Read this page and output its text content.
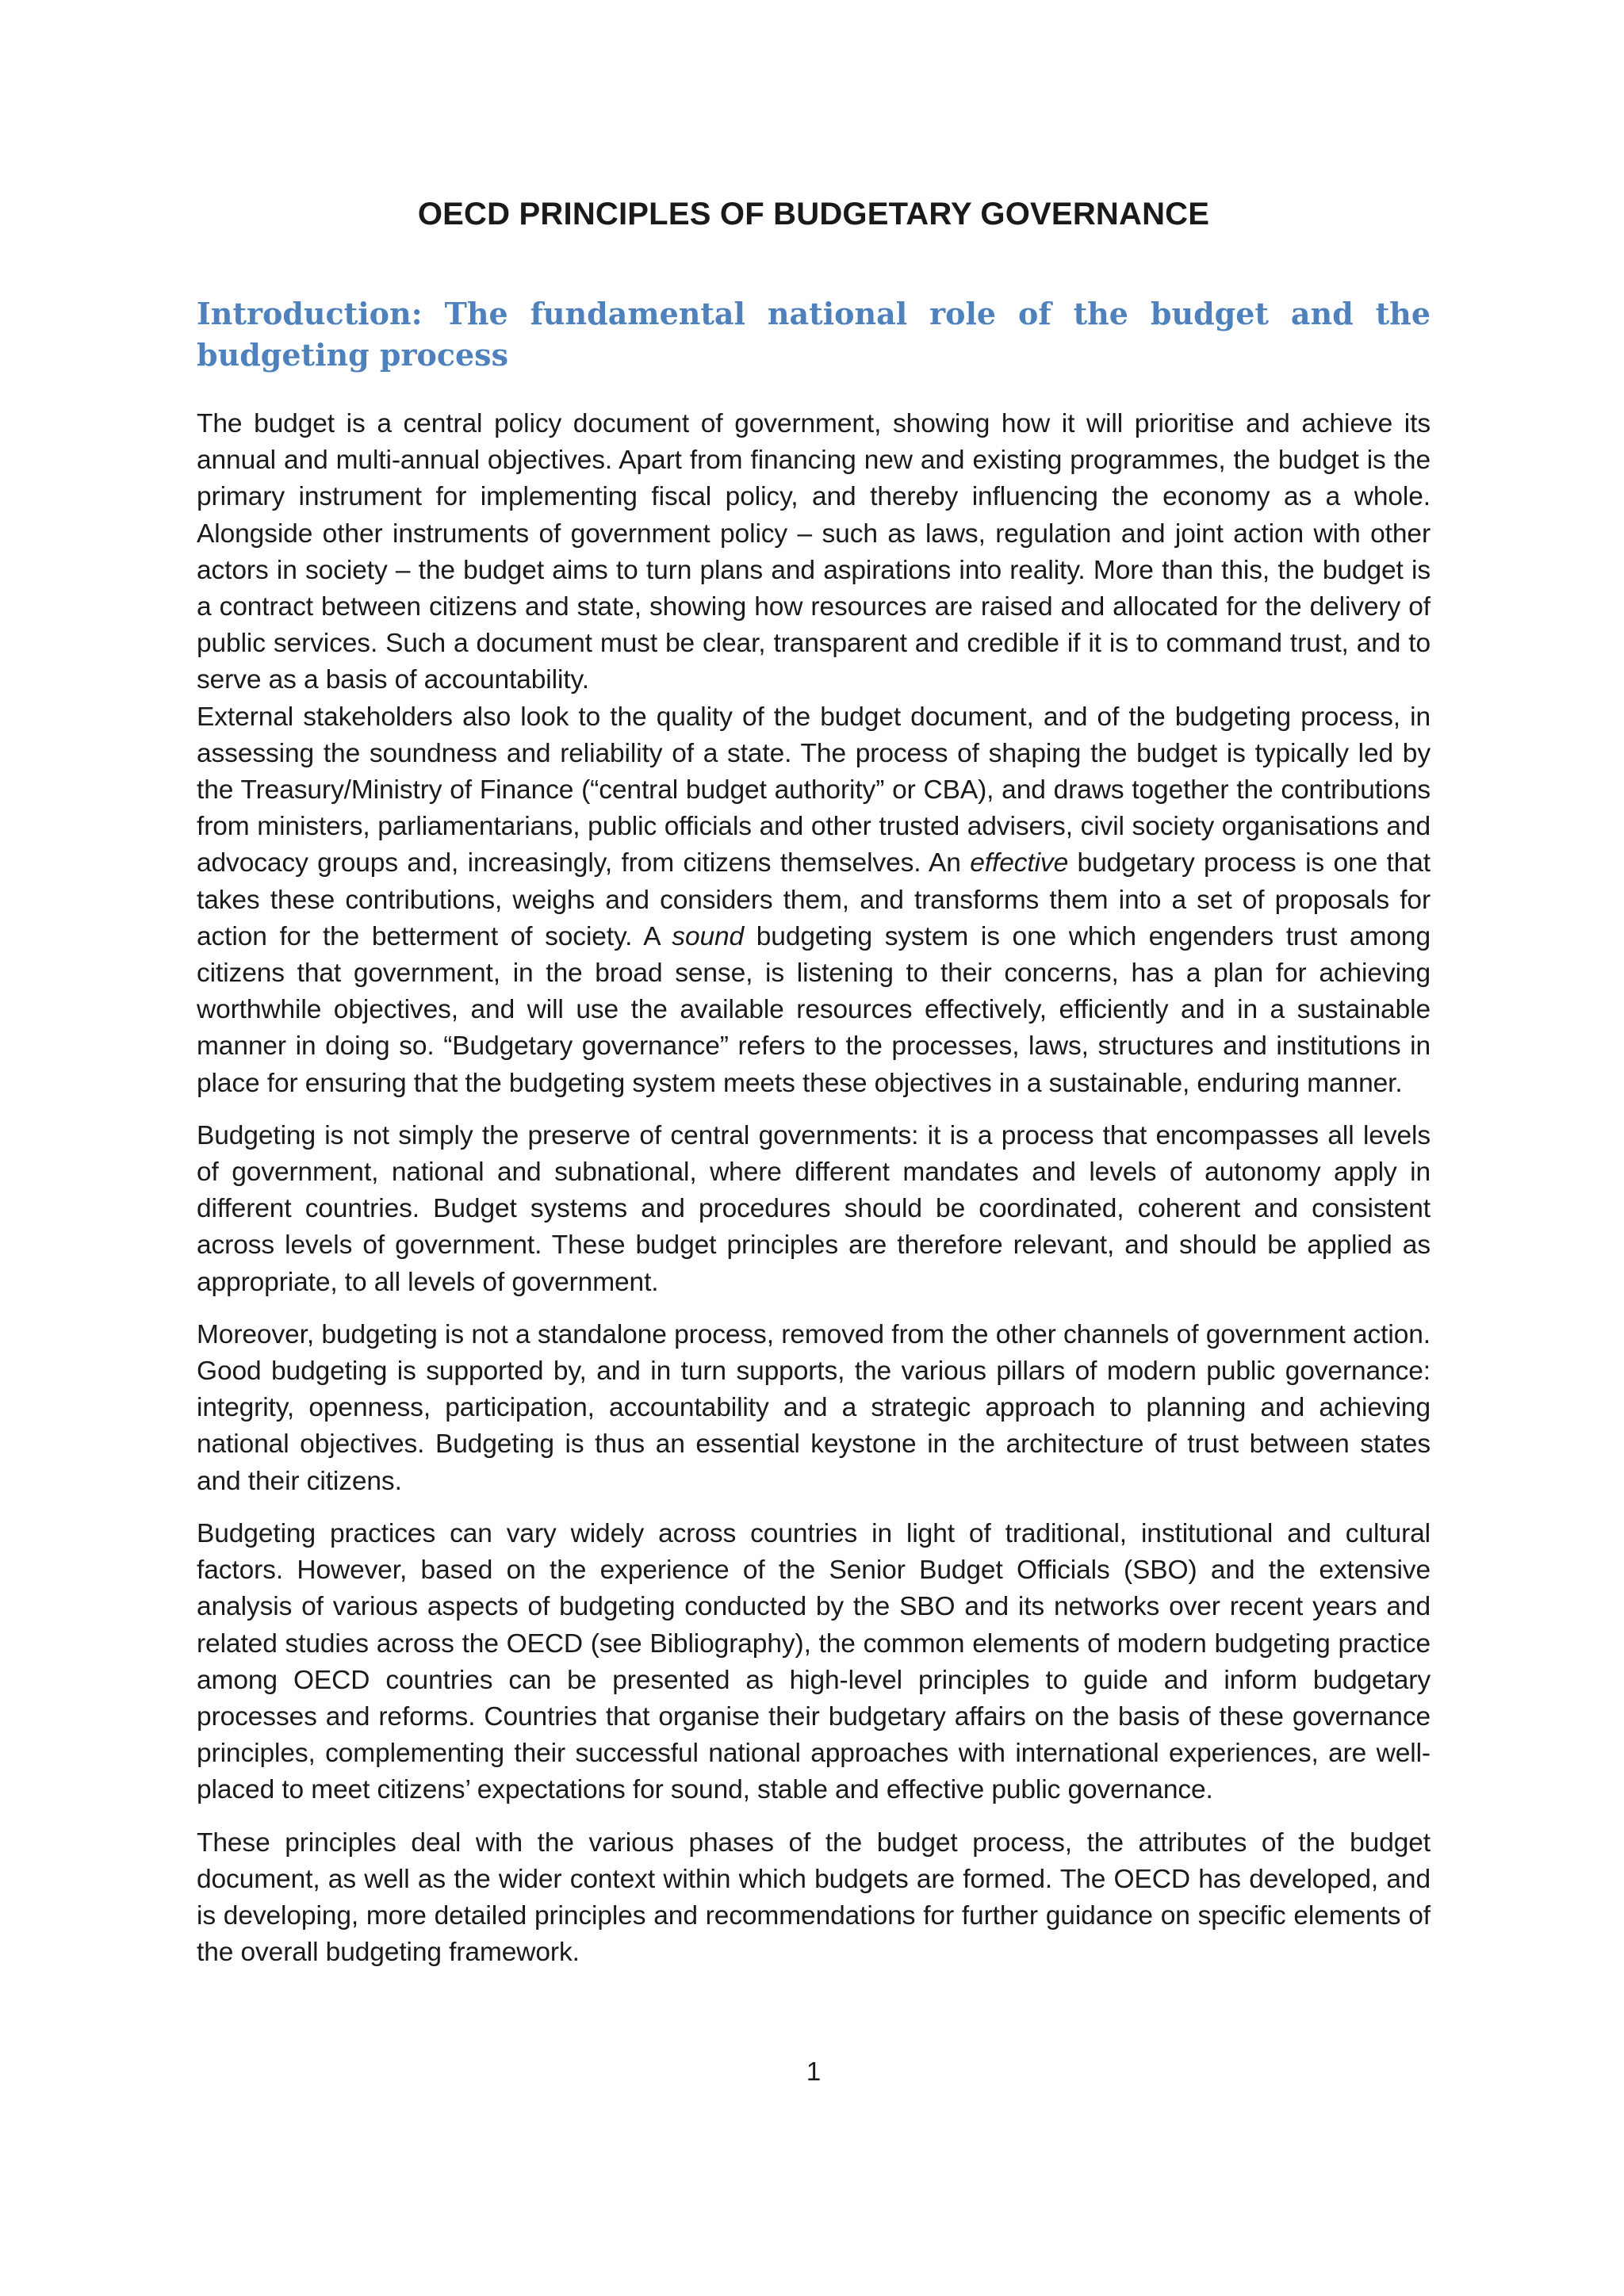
OECD PRINCIPLES OF BUDGETARY GOVERNANCE
Introduction: The fundamental national role of the budget and the budgeting process

The budget is a central policy document of government, showing how it will prioritise and achieve its annual and multi-annual objectives. Apart from financing new and existing programmes, the budget is the primary instrument for implementing fiscal policy, and thereby influencing the economy as a whole. Alongside other instruments of government policy – such as laws, regulation and joint action with other actors in society – the budget aims to turn plans and aspirations into reality. More than this, the budget is a contract between citizens and state, showing how resources are raised and allocated for the delivery of public services. Such a document must be clear, transparent and credible if it is to command trust, and to serve as a basis of accountability.

External stakeholders also look to the quality of the budget document, and of the budgeting process, in assessing the soundness and reliability of a state. The process of shaping the budget is typically led by the Treasury/Ministry of Finance (“central budget authority” or CBA), and draws together the contributions from ministers, parliamentarians, public officials and other trusted advisers, civil society organisations and advocacy groups and, increasingly, from citizens themselves. An effective budgetary process is one that takes these contributions, weighs and considers them, and transforms them into a set of proposals for action for the betterment of society. A sound budgeting system is one which engenders trust among citizens that government, in the broad sense, is listening to their concerns, has a plan for achieving worthwhile objectives, and will use the available resources effectively, efficiently and in a sustainable manner in doing so. “Budgetary governance” refers to the processes, laws, structures and institutions in place for ensuring that the budgeting system meets these objectives in a sustainable, enduring manner.

Budgeting is not simply the preserve of central governments: it is a process that encompasses all levels of government, national and subnational, where different mandates and levels of autonomy apply in different countries. Budget systems and procedures should be coordinated, coherent and consistent across levels of government. These budget principles are therefore relevant, and should be applied as appropriate, to all levels of government.

Moreover, budgeting is not a standalone process, removed from the other channels of government action. Good budgeting is supported by, and in turn supports, the various pillars of modern public governance: integrity, openness, participation, accountability and a strategic approach to planning and achieving national objectives. Budgeting is thus an essential keystone in the architecture of trust between states and their citizens.

Budgeting practices can vary widely across countries in light of traditional, institutional and cultural factors. However, based on the experience of the Senior Budget Officials (SBO) and the extensive analysis of various aspects of budgeting conducted by the SBO and its networks over recent years and related studies across the OECD (see Bibliography), the common elements of modern budgeting practice among OECD countries can be presented as high-level principles to guide and inform budgetary processes and reforms. Countries that organise their budgetary affairs on the basis of these governance principles, complementing their successful national approaches with international experiences, are well-placed to meet citizens’ expectations for sound, stable and effective public governance.

These principles deal with the various phases of the budget process, the attributes of the budget document, as well as the wider context within which budgets are formed. The OECD has developed, and is developing, more detailed principles and recommendations for further guidance on specific elements of the overall budgeting framework.

1
